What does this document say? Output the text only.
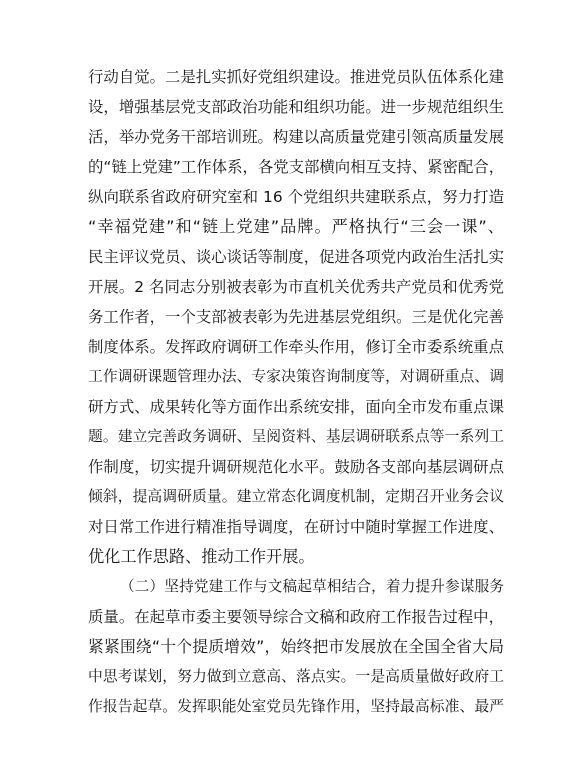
行动自觉。二是扎实抓好党组织建设。推进党员队伍体系化建
设，增强基层党支部政治功能和组织功能。进一步规范组织生
活，举办党务干部培训班。构建以高质量党建引领高质量发展
的“链上党建”工作体系，各党支部横向相互支持、紧密配合，
纵向联系省政府研究室和 16 个党组织共建联系点，努力打造
“幸福党建”和“链上党建”品牌。严格执行“三会一课”、
民主评议党员、谈心谈话等制度，促进各项党内政治生活扎实
开展。2 名同志分别被表彰为市直机关优秀共产党员和优秀党
务工作者，一个支部被表彰为先进基层党组织。三是优化完善
制度体系。发挥政府调研工作牵头作用，修订全市委系统重点
工作调研课题管理办法、专家决策咨询制度等，对调研重点、调
研方式、成果转化等方面作出系统安排，面向全市发布重点课
题。建立完善政务调研、呈阅资料、基层调研联系点等一系列工
作制度，切实提升调研规范化水平。鼓励各支部向基层调研点
倾斜，提高调研质量。建立常态化调度机制，定期召开业务会议
对日常工作进行精准指导调度，在研讨中随时掌握工作进度、
优化工作思路、推动工作开展。
（二）坚持党建工作与文稿起草相结合，着力提升参谋服务
质量。在起草市委主要领导综合文稿和政府工作报告过程中，
紧紧围绕“十个提质增效”，始终把市发展放在全国全省大局
中思考谋划，努力做到立意高、落点实。一是高质量做好政府工
作报告起草。发挥职能处室党员先锋作用，坚持最高标准、最严
